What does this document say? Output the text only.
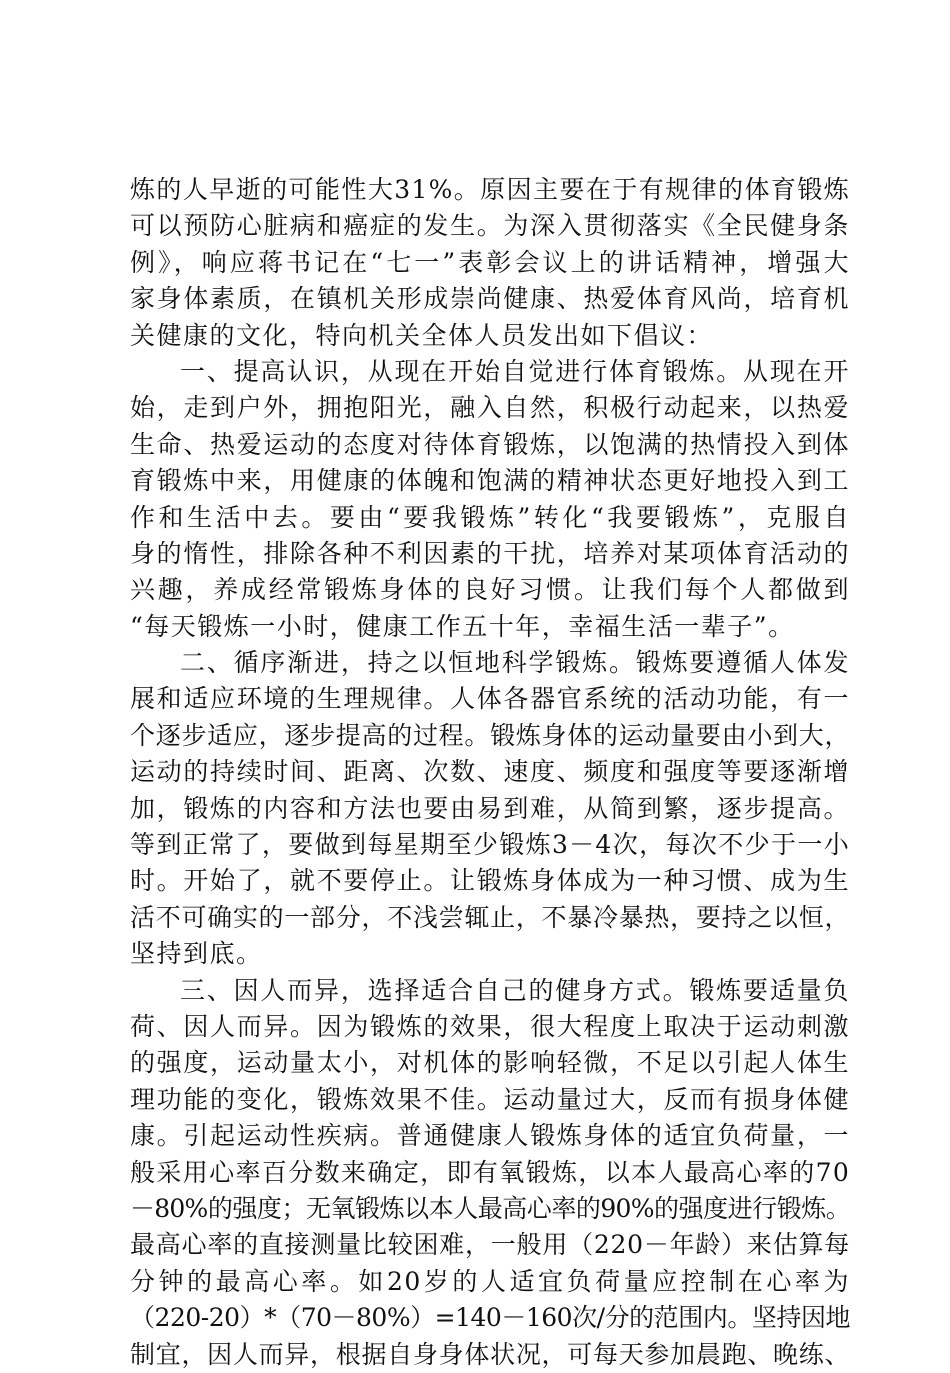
炼的人早逝的可能性大31%。原因主要在于有规律的体育锻炼
可以预防心脏病和癌症的发生。为深入贯彻落实《全民健身条
例》，响应蒋书记在“七一”表彰会议上的讲话精神，增强大
家身体素质，在镇机关形成崇尚健康、热爱体育风尚，培育机
关健康的文化，特向机关全体人员发出如下倡议：
一、提高认识，从现在开始自觉进行体育锻炼。从现在开
始，走到户外，拥抱阳光，融入自然，积极行动起来，以热爱
生命、热爱运动的态度对待体育锻炼，以饱满的热情投入到体
育锻炼中来，用健康的体魄和饱满的精神状态更好地投入到工
作和生活中去。要由“要我锻炼”转化“我要锻炼”，克服自
身的惰性，排除各种不利因素的干扰，培养对某项体育活动的
兴趣，养成经常锻炼身体的良好习惯。让我们每个人都做到
“每天锻炼一小时，健康工作五十年，幸福生活一辈子”。
二、循序渐进，持之以恒地科学锻炼。锻炼要遵循人体发
展和适应环境的生理规律。人体各器官系统的活动功能，有一
个逐步适应，逐步提高的过程。锻炼身体的运动量要由小到大，
运动的持续时间、距离、次数、速度、频度和强度等要逐渐增
加，锻炼的内容和方法也要由易到难，从简到繁，逐步提高。
等到正常了，要做到每星期至少锻炼3－4次，每次不少于一小
时。开始了，就不要停止。让锻炼身体成为一种习惯、成为生
活不可确实的一部分，不浅尝辄止，不暴冷暴热，要持之以恒，
坚持到底。
三、因人而异，选择适合自己的健身方式。锻炼要适量负
荷、因人而异。因为锻炼的效果，很大程度上取决于运动刺激
的强度，运动量太小，对机体的影响轻微，不足以引起人体生
理功能的变化，锻炼效果不佳。运动量过大，反而有损身体健
康。引起运动性疾病。普通健康人锻炼身体的适宜负荷量，一
般采用心率百分数来确定，即有氧锻炼，以本人最高心率的70
－80%的强度；无氧锻炼以本人最高心率的90%的强度进行锻炼。
最高心率的直接测量比较困难，一般用（220－年龄）来估算每
分钟的最高心率。如20岁的人适宜负荷量应控制在心率为
（220-20）*（70－80%）=140－160次/分的范围内。坚持因地
制宜，因人而异，根据自身身体状况，可每天参加晨跑、晚练、
